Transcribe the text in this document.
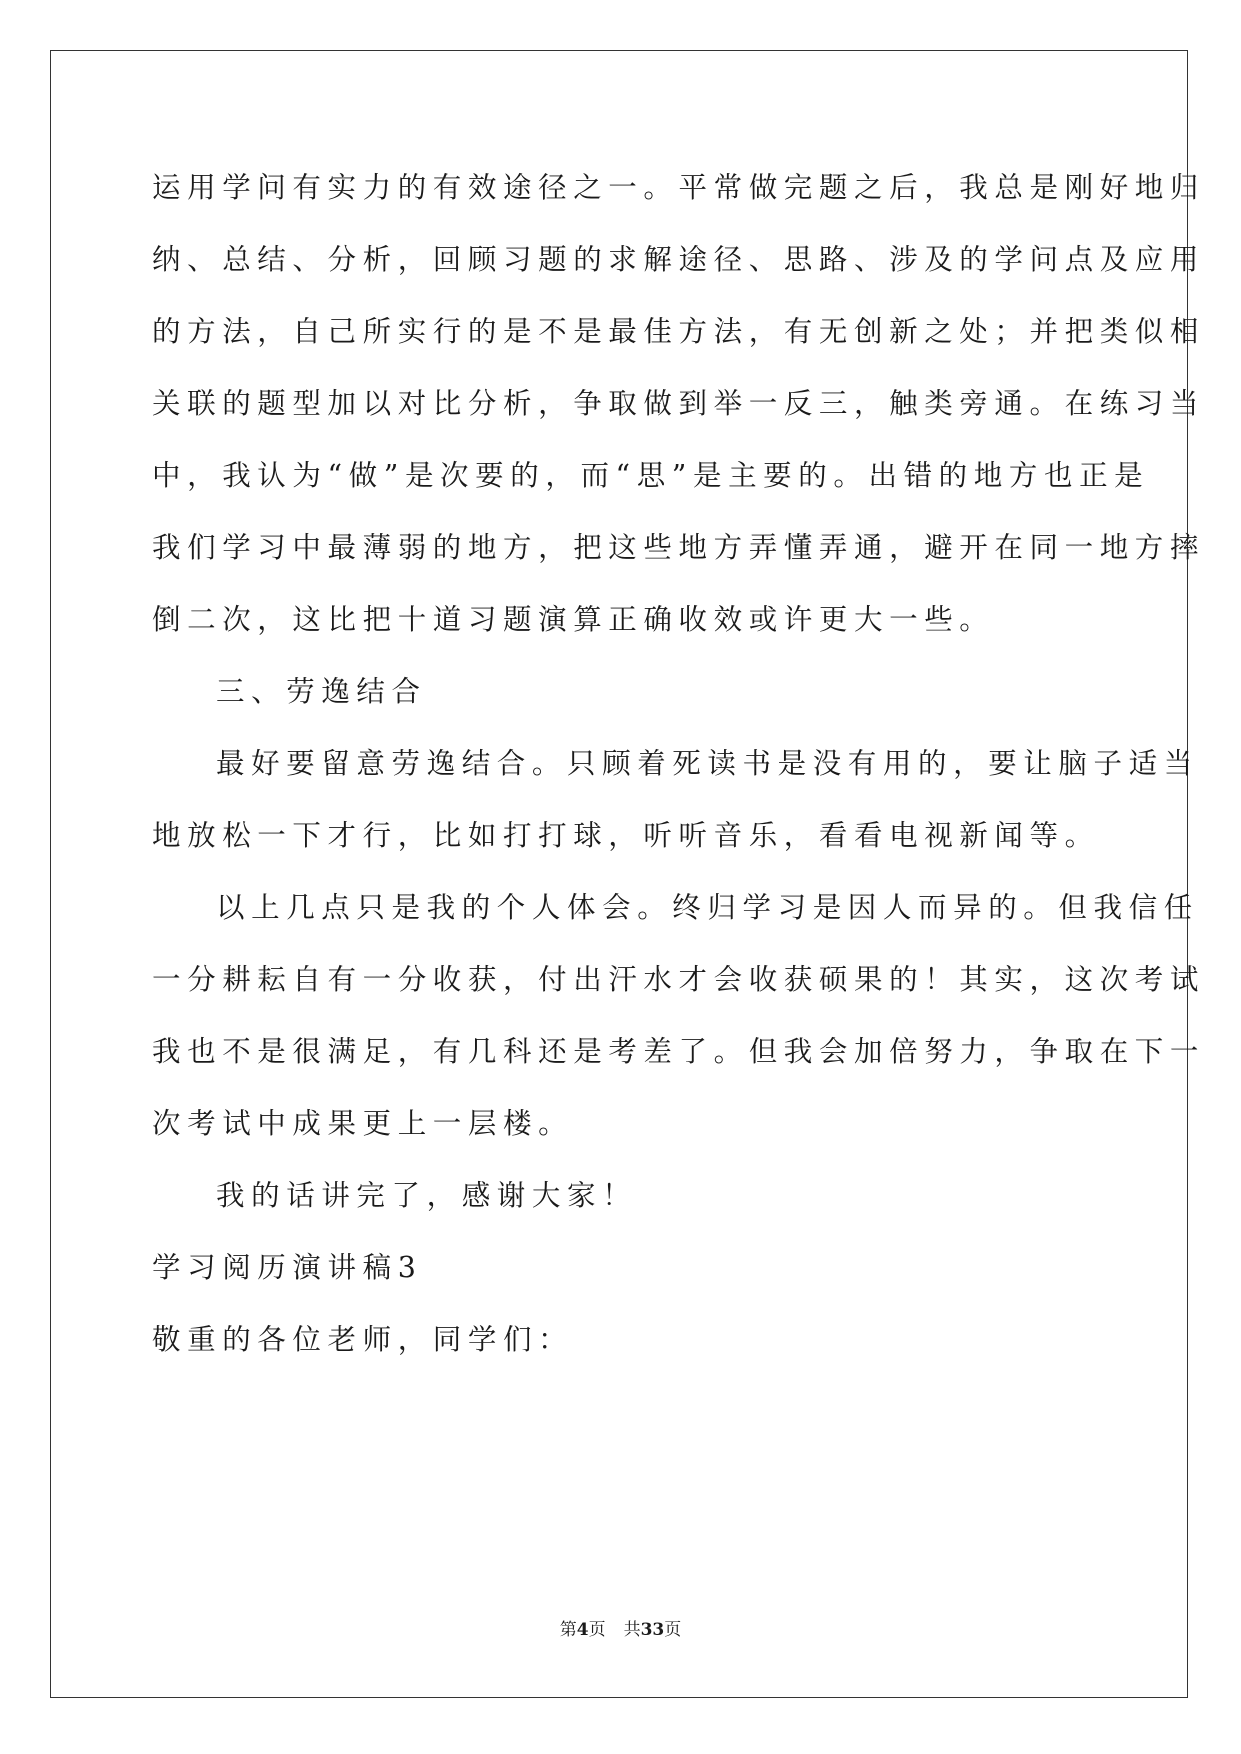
运用学问有实力的有效途径之一。平常做完题之后，我总是刚好地归
纳、总结、分析，回顾习题的求解途径、思路、涉及的学问点及应用
的方法，自己所实行的是不是最佳方法，有无创新之处；并把类似相
关联的题型加以对比分析，争取做到举一反三，触类旁通。在练习当
中，我认为“做”是次要的，而“思”是主要的。出错的地方也正是
我们学习中最薄弱的地方，把这些地方弄懂弄通，避开在同一地方摔
倒二次，这比把十道习题演算正确收效或许更大一些。
三、劳逸结合
最好要留意劳逸结合。只顾着死读书是没有用的，要让脑子适当
地放松一下才行，比如打打球，听听音乐，看看电视新闻等。
以上几点只是我的个人体会。终归学习是因人而异的。但我信任
一分耕耘自有一分收获，付出汗水才会收获硕果的！其实，这次考试
我也不是很满足，有几科还是考差了。但我会加倍努力，争取在下一
次考试中成果更上一层楼。
我的话讲完了，感谢大家！
学习阅历演讲稿3
敬重的各位老师，同学们：
第4页 共33页
